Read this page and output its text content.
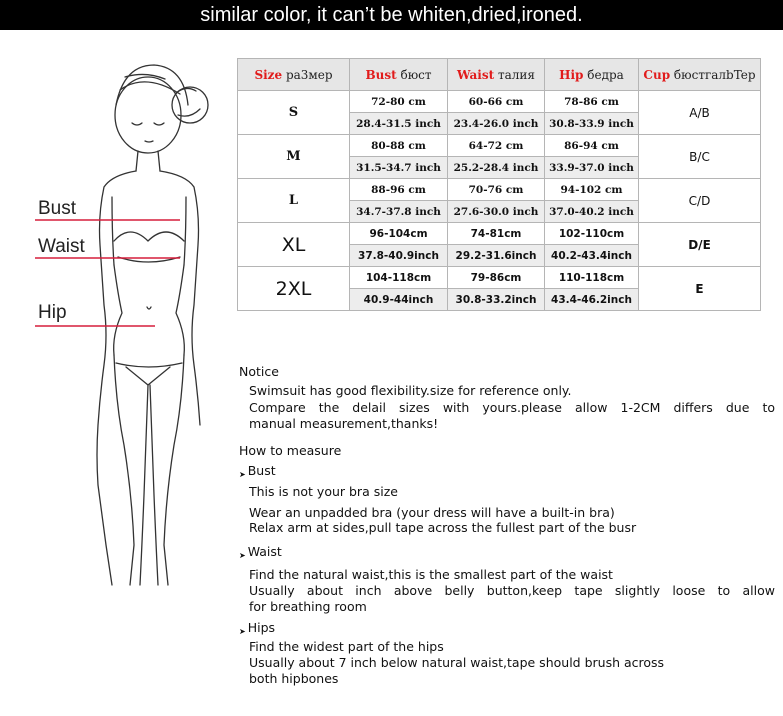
similar color, it can’t be whiten,dried,ironed.
Bust
Waist
Hip
Size pa3мep	Bust бюст	Waist талия	Hip бедра	Cup бюстгалbTep
S	72-80 cm	60-66 cm	78-86 cm	A/B
	28.4-31.5 inch	23.4-26.0 inch	30.8-33.9 inch	
M	80-88 cm	64-72 cm	86-94 cm	B/C
	31.5-34.7 inch	25.2-28.4 inch	33.9-37.0 inch	
L	88-96 cm	70-76 cm	94-102 cm	C/D
	34.7-37.8 inch	27.6-30.0 inch	37.0-40.2 inch	
XL	96-104cm	74-81cm	102-110cm	D/E
	37.8-40.9inch	29.2-31.6inch	40.2-43.4inch	
2XL	104-118cm	79-86cm	110-118cm	E
	40.9-44inch	30.8-33.2inch	43.4-46.2inch	
Notice
Swimsuit has good flexibility.size for reference only.
Compare the delail sizes with yours.please allow 1-2CM differs due to
manual measurement,thanks!
How to measure
➤ Bust
This is not your bra size
Wear an unpadded bra (your dress will have a built-in bra)
Relax arm at sides,pull tape across the fullest part of the busr
➤ Waist
Find the natural waist,this is the smallest part of the waist
Usually about inch above belly button,keep tape slightly loose to allow
for breathing room
➤ Hips
Find the widest part of the hips
Usually about 7 inch below natural waist,tape should brush across
both hipbones
